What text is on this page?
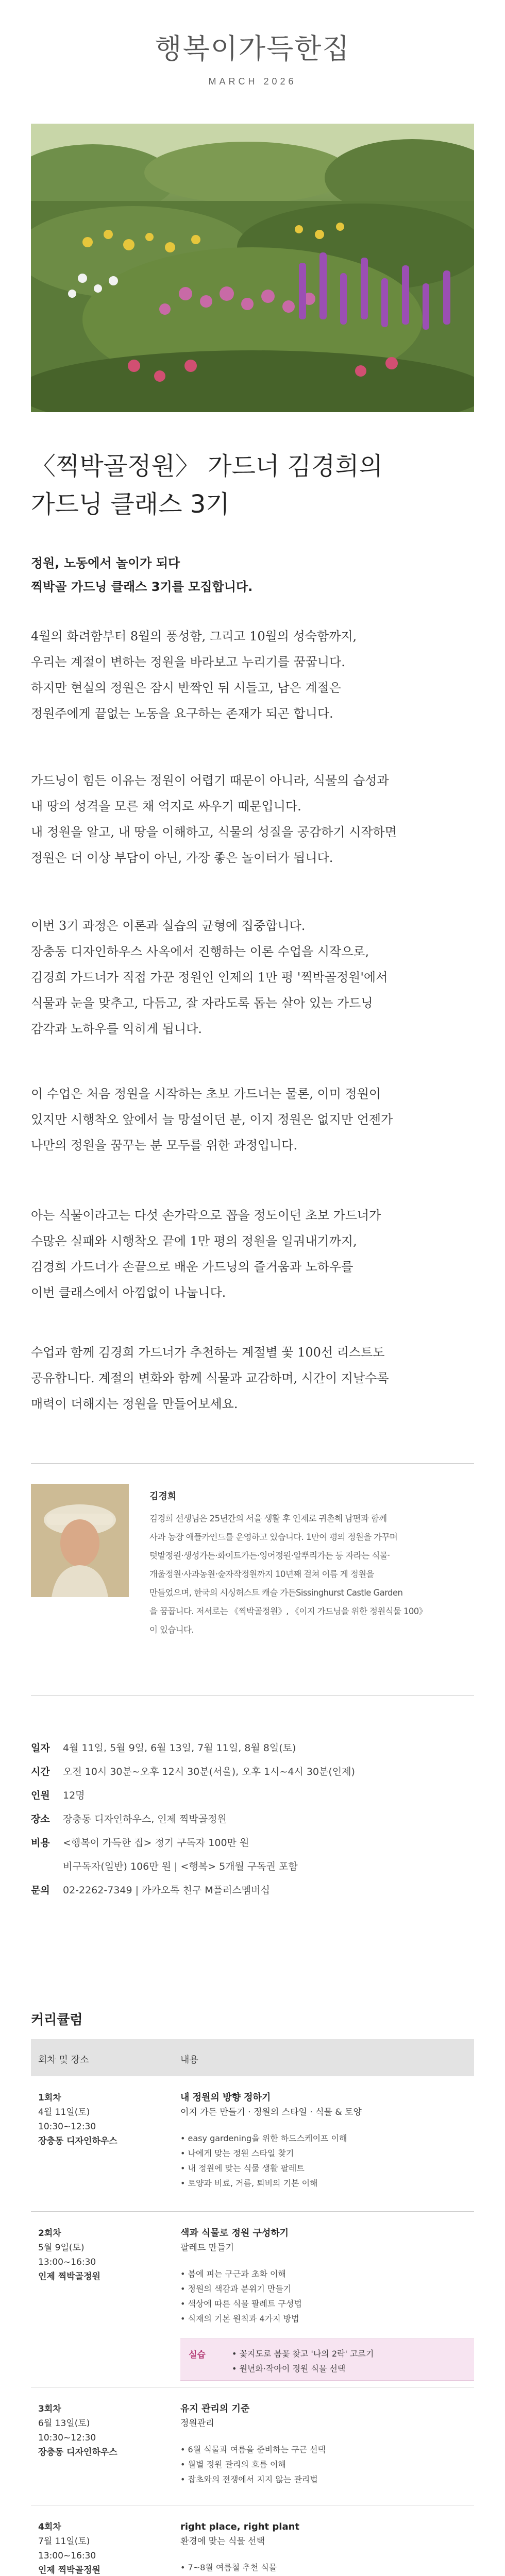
행복이가득한집
MARCH 2026
〈찍박골정원〉 가드너 김경희의
가드닝 클래스 3기
정원, 노동에서 놀이가 되다
찍박골 가드닝 클래스 3기를 모집합니다.
4월의 화려함부터 8월의 풍성함, 그리고 10월의 성숙함까지,
우리는 계절이 변하는 정원을 바라보고 누리기를 꿈꿉니다.
하지만 현실의 정원은 잠시 반짝인 뒤 시들고, 남은 계절은
정원주에게 끝없는 노동을 요구하는 존재가 되곤 합니다.
가드닝이 힘든 이유는 정원이 어렵기 때문이 아니라, 식물의 습성과
내 땅의 성격을 모른 채 억지로 싸우기 때문입니다.
내 정원을 알고, 내 땅을 이해하고, 식물의 성질을 공감하기 시작하면
정원은 더 이상 부담이 아닌, 가장 좋은 놀이터가 됩니다.
이번 3기 과정은 이론과 실습의 균형에 집중합니다.
장충동 디자인하우스 사옥에서 진행하는 이론 수업을 시작으로,
김경희 가드너가 직접 가꾼 정원인 인제의 1만 평 '찍박골정원'에서
식물과 눈을 맞추고, 다듬고, 잘 자라도록 돕는 살아 있는 가드닝
감각과 노하우를 익히게 됩니다.
이 수업은 처음 정원을 시작하는 초보 가드너는 물론, 이미 정원이
있지만 시행착오 앞에서 늘 망설이던 분, 이지 정원은 없지만 언젠가
나만의 정원을 꿈꾸는 분 모두를 위한 과정입니다.
아는 식물이라고는 다섯 손가락으로 꼽을 정도이던 초보 가드너가
수많은 실패와 시행착오 끝에 1만 평의 정원을 일궈내기까지,
김경희 가드너가 손끝으로 배운 가드닝의 즐거움과 노하우를
이번 클래스에서 아낌없이 나눕니다.
수업과 함께 김경희 가드너가 추천하는 계절별 꽃 100선 리스트도
공유합니다. 계절의 변화와 함께 식물과 교감하며, 시간이 지날수록
매력이 더해지는 정원을 만들어보세요.
김경희
김경희 선생님은 25년간의 서울 생활 후 인제로 귀촌해 남편과 함께
사과 농장 애플카인드를 운영하고 있습니다. 1만여 평의 정원을 가꾸며
텃밭정원·생성가든·화이트가든·잉어정원·알뿌리가든 등 자라는 식물·
개울정원·사과농원·숲자작정원까지 10년째 걸쳐 이름 게 정원을
만들었으며, 한국의 시싱허스트 캐슬 가든Sissinghurst Castle Garden
을 꿈꿉니다. 저서로는 《찍박골정원》, 《이지 가드닝을 위한 정원식물 100》
이 있습니다.
일자 4월 11일, 5월 9일, 6월 13일, 7월 11일, 8월 8일(토)
시간 오전 10시 30분~오후 12시 30분(서울), 오후 1시~4시 30분(인제)
인원 12명
장소 장충동 디자인하우스, 인제 찍박골정원
비용 <행복이 가득한 집> 정기 구독자 100만 원
비구독자(일반) 106만 원 | <행복> 5개월 구독권 포함
문의 02-2262-7349 | 카카오톡 친구 M플러스멤버십
커리큘럼
회차 및 장소	내용
1회차
4월 11일(토)
10:30~12:30
장충동 디자인하우스
내 정원의 방향 정하기
이지 가든 만들기 · 정원의 스타일 · 식물 & 토양
• easy gardening을 위한 하드스케이프 이해
• 나에게 맞는 정원 스타일 찾기
• 내 정원에 맞는 식물 생활 팔레트
• 토양과 비료, 거름, 퇴비의 기본 이해
2회차
5월 9일(토)
13:00~16:30
인제 찍박골정원
색과 식물로 정원 구성하기
팔레트 만들기
• 봄에 피는 구근과 초화 이해
• 정원의 색감과 분위기 만들기
• 색상에 따른 식물 팔레트 구성법
• 식재의 기본 원칙과 4가지 방법
실습	• 꽃지도로 봄꽃 찾고 '나의 2락' 고르기
• 원년화·작아이 정원 식물 선택
3회차
6월 13일(토)
10:30~12:30
장충동 디자인하우스
유지 관리의 기준
정원관리
• 6월 식물과 여름을 준비하는 구근 선택
• 월별 정원 관리의 흐름 이해
• 잡초와의 전쟁에서 지지 않는 관리법
4회차
7월 11일(토)
13:00~16:30
인제 찍박골정원
right place, right plant
환경에 맞는 식물 선택
• 7~8월 여름철 추천 식물
